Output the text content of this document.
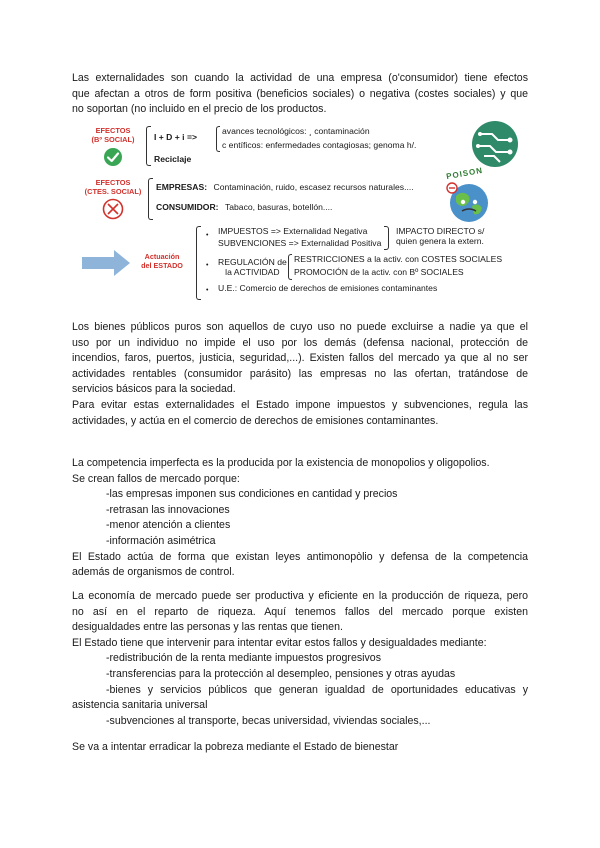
Las externalidades son cuando la actividad de una empresa (o'consumidor) tiene efectos
que afectan a otros de form positiva (beneficios sociales) o negativa (costes sociales) y que
no soportan (no incluido en el precio de los productos.
EFECTOS
(Bº SOCIAL)	I + D + i =>
Reciclaje
avances tecnológicos: ¸ contaminación
c entíficos: enfermedades contagiosas; genoma h/.
EFECTOS
(CTES. SOCIAL)	EMPRESAS: Contaminación, ruido, escasez recursos naturales....
CONSUMIDOR: Tabaco, basuras, botellón....
POISON
Actuación
del ESTADO
• IMPUESTOS => Externalidad Negativa
SUBVENCIONES => Externalidad Positiva
IMPACTO DIRECTO s/
quien genera la extern.
• REGULACIÓN de
la ACTIVIDAD
RESTRICCIONES a la activ. con COSTES SOCIALES
PROMOCIÓN de la activ. con Bº SOCIALES
• U.E.: Comercio de derechos de emisiones contaminantes
Los bienes públicos puros son aquellos de cuyo uso no puede excluirse a nadie ya que el
uso por un individuo no impide el uso por los demás (defensa nacional, protección de
incendios, faros, puertos, justicia, seguridad,...). Existen fallos del mercado ya que al no ser
actividades rentables (consumidor parásito) las empresas no las ofertan, tratándose de
servicios básicos para la sociedad.
Para evitar estas externalidades el Estado impone impuestos y subvenciones, regula las
actividades, y actúa en el comercio de derechos de emisiones contaminantes.
La competencia imperfecta es la producida por la existencia de monopolios y oligopolios.
Se crean fallos de mercado porque:
-las empresas imponen sus condiciones en cantidad y precios
-retrasan las innovaciones
-menor atención a clientes
-información asimétrica
El Estado actúa de forma que existan leyes antimonopòlio y defensa de la competencia
además de organismos de control.
La economía de mercado puede ser productiva y eficiente en la producción de riqueza, pero
no así en el reparto de riqueza. Aquí tenemos fallos del mercado porque existen
desigualdades entre las personas y las rentas que tienen.
El Estado tiene que intervenir para intentar evitar estos fallos y desigualdades mediante:
-redistribución de la renta mediante impuestos progresivos
-transferencias para la protección al desempleo, pensiones y otras ayudas
-bienes y servicios públicos que generan igualdad de oportunidades educativas y
asistencia sanitaria universal
-subvenciones al transporte, becas universidad, viviendas sociales,...
Se va a intentar erradicar la pobreza mediante el Estado de bienestar
